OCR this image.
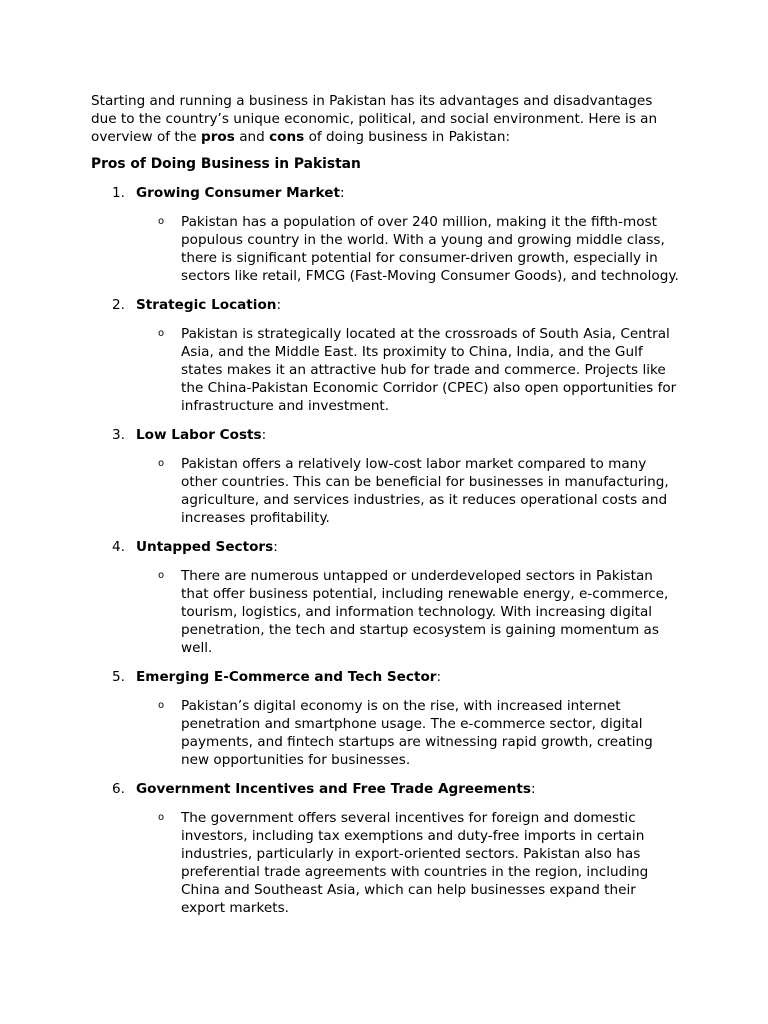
Starting and running a business in Pakistan has its advantages and disadvantages due to the country’s unique economic, political, and social environment. Here is an overview of the pros and cons of doing business in Pakistan:

Pros of Doing Business in Pakistan
1. Growing Consumer Market:
o Pakistan has a population of over 240 million, making it the fifth-most populous country in the world. With a young and growing middle class, there is significant potential for consumer-driven growth, especially in sectors like retail, FMCG (Fast-Moving Consumer Goods), and technology.
2. Strategic Location:
o Pakistan is strategically located at the crossroads of South Asia, Central Asia, and the Middle East. Its proximity to China, India, and the Gulf states makes it an attractive hub for trade and commerce. Projects like the China-Pakistan Economic Corridor (CPEC) also open opportunities for infrastructure and investment.
3. Low Labor Costs:
o Pakistan offers a relatively low-cost labor market compared to many other countries. This can be beneficial for businesses in manufacturing, agriculture, and services industries, as it reduces operational costs and increases profitability.
4. Untapped Sectors:
o There are numerous untapped or underdeveloped sectors in Pakistan that offer business potential, including renewable energy, e-commerce, tourism, logistics, and information technology. With increasing digital penetration, the tech and startup ecosystem is gaining momentum as well.
5. Emerging E-Commerce and Tech Sector:
o Pakistan’s digital economy is on the rise, with increased internet penetration and smartphone usage. The e-commerce sector, digital payments, and fintech startups are witnessing rapid growth, creating new opportunities for businesses.
6. Government Incentives and Free Trade Agreements:
o The government offers several incentives for foreign and domestic investors, including tax exemptions and duty-free imports in certain industries, particularly in export-oriented sectors. Pakistan also has preferential trade agreements with countries in the region, including China and Southeast Asia, which can help businesses expand their export markets.
